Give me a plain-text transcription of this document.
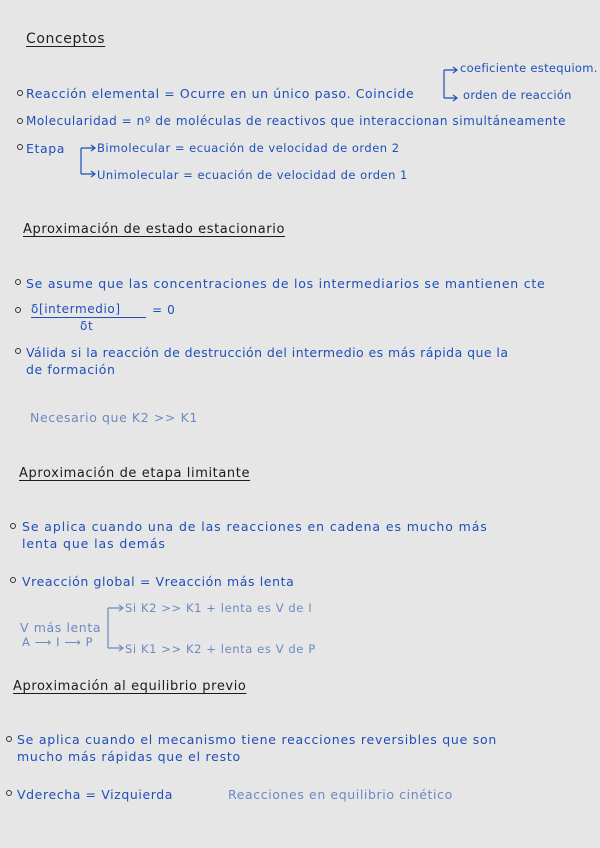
Conceptos
Reacción elemental = Ocurre en un único paso. Coincide
coeficiente estequiom.
orden de reacción
Molecularidad = nº de moléculas de reactivos que interaccionan simultáneamente
Etapa	Bimolecular = ecuación de velocidad de orden 2
Unimolecular = ecuación de velocidad de orden 1
Aproximación de estado estacionario
Se asume que las concentraciones de los intermediarios se mantienen cte
δ[intermedio]	= 0
δt
Válida si la reacción de destrucción del intermedio es más rápida que la
de formación
Necesario que K2 >> K1
Aproximación de etapa limitante
Se aplica cuando una de las reacciones en cadena es mucho más
lenta que las demás
Vreacción global = Vreacción más lenta
V más lenta
A ⟶ I ⟶ P
Si K2 >> K1 + lenta es V de I
Si K1 >> K2 + lenta es V de P
Aproximación al equilibrio previo
Se aplica cuando el mecanismo tiene reacciones reversibles que son
mucho más rápidas que el resto
Vderecha = Vizquierda	Reacciones en equilibrio cinético
